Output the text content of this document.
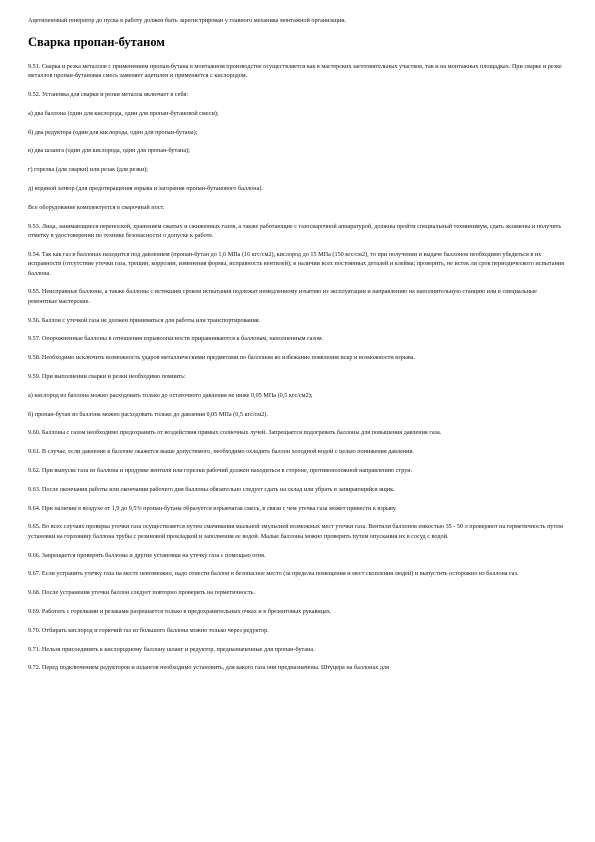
Ацетиленовый генератор до пуска в работу должен быть зарегистрирован у главного механика монтажной организации.
Сварка пропан-бутаном
9.51. Сварка и резка металлов с применением пропан-бутана в монтажном производстве осуществляется как в мастерских заготовительных участков, так и на монтажных площадках. При сварке и резке металлов пропан-бутановая смесь заменяет ацетилен и применяется с кислородом.
9.52. Установка для сварки и резки металла включает в себя:
а) два баллона (один для кислорода, один для пропан-бутановой смеси);
б) два редуктора (один для кислорода, один для пропан-бутана);
в) два шланга (один для кислорода, один для пропан-бутана);
г) горелка (для сварки) или резак (для резки);
д) водяной затвор (для предотвращения взрыва и загорания пропан-бутанового баллона).
Все оборудование комплектуется в сварочный пост.
9.53. Лица, занимающиеся переноской, хранением сжатых и сжиженных газов, а также работающие с газосварочной аппаратурой, должны пройти специальный техминимум, сдать экзамены и получить отметку в удостоверении по технике безопасности о допуске к работе.
9.54. Так как газ в баллонах находится под давлением (пропан-бутан до 1,6 МПа (16 кгс/см2), кислород до 15 МПа (150 кгс/см2), то при получении и выдаче баллонов необходимо убедиться в их исправности (отсутствие утечки газа, трещин, коррозии, изменения формы, исправность вентилей); в наличии всех постоянных деталей и клейма; проверить, не истек ли срок периодического испытания баллона.
9.55. Неисправные баллоны, а также баллоны с истекшим сроком испытания подлежат немедленному изъятию из эксплуатации и направлению на наполнительную станцию или в специальные ремонтные мастерские.
9.56. Баллон с утечкой газа не должен приниматься для работы или транспортирования.
9.57. Опорожненные баллоны в отношении взрывоопасности приравниваются к баллонам, наполненным газом.
9.58. Необходимо исключить возможность ударов металлическими предметами по баллонам во избежание появления искр и возможности взрыва.
9.59. При выполнении сварки и резки необходимо помнить:
а) кислород из баллона можно расходовать только до остаточного давления не ниже 0,05 МПа (0,5 кгс/см2);
б) пропан-бутан из баллона можно расходовать только до давления 0,05 МПа (0,5 кгс/см2).
9.60. Баллоны с газом необходимо предохранять от воздействия прямых солнечных лучей. Запрещается подогревать баллоны для повышения давления газа.
9.61. В случае, если давление в баллоне окажется выше допустимого, необходимо охладить баллон холодной водой с целью понижения давления.
9.62. При выпуске газа из баллона и продувке вентиля или горелки рабочий должен находиться в стороне, противоположной направлению струи.
9.63. После окончания работы или окончания рабочего дня баллоны обязательно следует сдать на склад или убрать в запирающийся ящик.
9.64. При наличии в воздухе от 1,9 до 9,5% пропан-бутана образуется взрывчатая смесь, в связи с чем утечка газа может привести к взрыву.
9.65. Во всех случаях проверка утечки газа осуществляется путем смачивания мыльной эмульсией возможных мест утечки газа. Вентили баллонов емкостью 35 - 50 л проверяют на герметичность путем установки на горловину баллона трубы с резиновой прокладкой и заполнения ее водой. Малые баллоны можно проверить путем опускания их в сосуд с водой.
9.66. Запрещается проверять баллоны и другие установки на утечку газа с помощью огня.
9.67. Если устранить утечку газа на месте невозможно, надо отнести баллон в безопасное место (за пределы помещения и мест скопления людей) и выпустить осторожно из баллона газ.
9.68. После устранения утечки баллон следует повторно проверить на герметичность.
9.69. Работать с горелками и резаками разрешается только в предохранительных очках и в брезентовых рукавицах.
9.70. Отбирать кислород и горючий газ из большого баллона можно только через редуктор.
9.71. Нельзя присоединять к кислородному баллону шланг и редуктор, предназначенные для пропан-бутана.
9.72. Перед подключением редукторов и шлангов необходимо установить, для какого газа они предназначены. Штуцера на баллонах для
